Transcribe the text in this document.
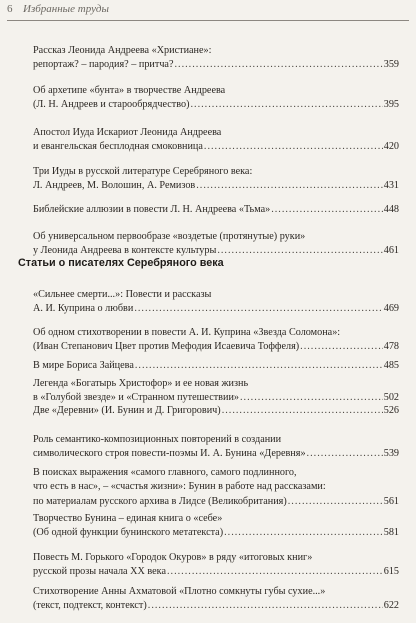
6 Избранные труды
Рассказ Леонида Андреева «Христиане»:
репортаж? – пародия? – притча? .....	359
Об архетипе «бунта» в творчестве Андреева
(Л. Н. Андреев и старообрядчество) .....	395
Апостол Иуда Искариот Леонида Андреева
и евангельская бесплодная смоковница .....	420
Три Иуды в русской литературе Серебряного века:
Л. Андреев, М. Волошин, А. Ремизов .....	431
Библейские аллюзии в повести Л. Н. Андреева «Тьма» .....	448
Об универсальном первообразе «воздетые (протянутые) руки»
у Леонида Андреева в контексте культуры .....	461
Статьи о писателях Серебряного века
«Сильнее смерти...»: Повести и рассказы
А. И. Куприна о любви .....	469
Об одном стихотворении в повести А. И. Куприна «Звезда Соломона»:
(Иван Степанович Цвет против Мефодия Исаевича Тоффеля) .....	478
В мире Бориса Зайцева .....	485
Легенда «Богатырь Христофор» и ее новая жизнь
в «Голубой звезде» и «Странном путешествии» .....	502
Две «Деревни» (И. Бунин и Д. Григорович) .....	526
Роль семантико-композиционных повторений в создании
символического строя повести-поэмы И. А. Бунина «Деревня» .....	539
В поисках выражения «самого главного, самого подлинного,
что есть в нас», – «счастья жизни»: Бунин в работе над рассказами:
по материалам русского архива в Лидсе (Великобритания) .....	561
Творчество Бунина – единая книга о «себе»
(Об одной функции бунинского метатекста) .....	581
Повесть М. Горького «Городок Окуров» в ряду «итоговых книг»
русской прозы начала XX века .....	615
Стихотворение Анны Ахматовой «Плотно сомкнуты губы сухие...»
(текст, подтекст, контекст) .....	622
